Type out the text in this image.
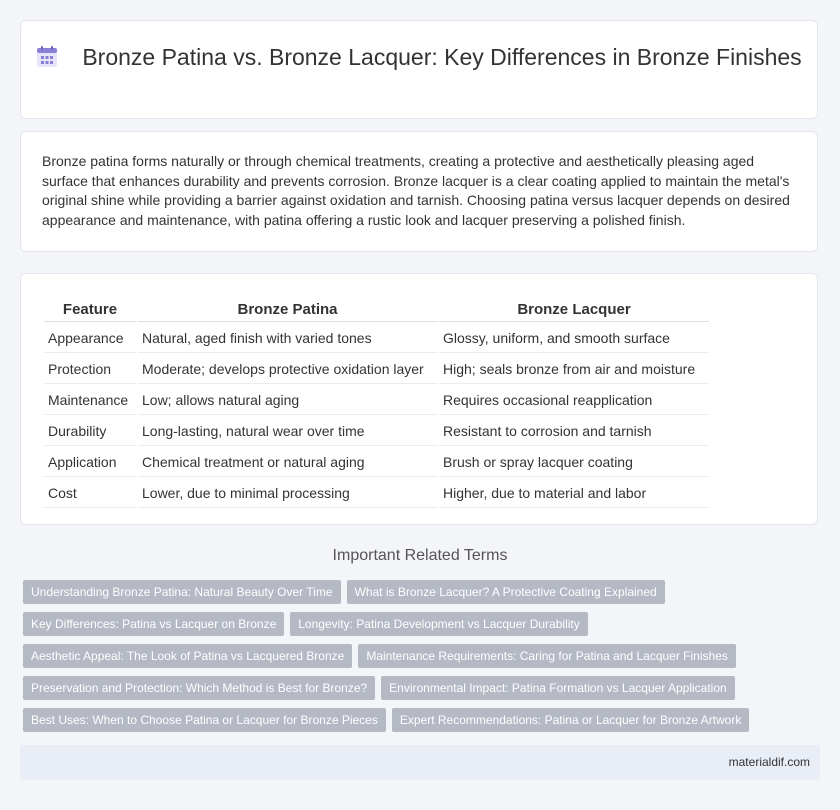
Bronze Patina vs. Bronze Lacquer: Key Differences in Bronze Finishes

Bronze patina forms naturally or through chemical treatments, creating a protective and aesthetically pleasing aged surface that enhances durability and prevents corrosion. Bronze lacquer is a clear coating applied to maintain the metal's original shine while providing a barrier against oxidation and tarnish. Choosing patina versus lacquer depends on desired appearance and maintenance, with patina offering a rustic look and lacquer preserving a polished finish.

Feature	Bronze Patina	Bronze Lacquer
Appearance	Natural, aged finish with varied tones	Glossy, uniform, and smooth surface
Protection	Moderate; develops protective oxidation layer	High; seals bronze from air and moisture
Maintenance	Low; allows natural aging	Requires occasional reapplication
Durability	Long-lasting, natural wear over time	Resistant to corrosion and tarnish
Application	Chemical treatment or natural aging	Brush or spray lacquer coating
Cost	Lower, due to minimal processing	Higher, due to material and labor
Important Related Terms
Understanding Bronze Patina: Natural Beauty Over Time	What is Bronze Lacquer? A Protective Coating Explained
Key Differences: Patina vs Lacquer on Bronze	Longevity: Patina Development vs Lacquer Durability
Aesthetic Appeal: The Look of Patina vs Lacquered Bronze	Maintenance Requirements: Caring for Patina and Lacquer Finishes
Preservation and Protection: Which Method is Best for Bronze?	Environmental Impact: Patina Formation vs Lacquer Application
Best Uses: When to Choose Patina or Lacquer for Bronze Pieces	Expert Recommendations: Patina or Lacquer for Bronze Artwork
materialdif.com
